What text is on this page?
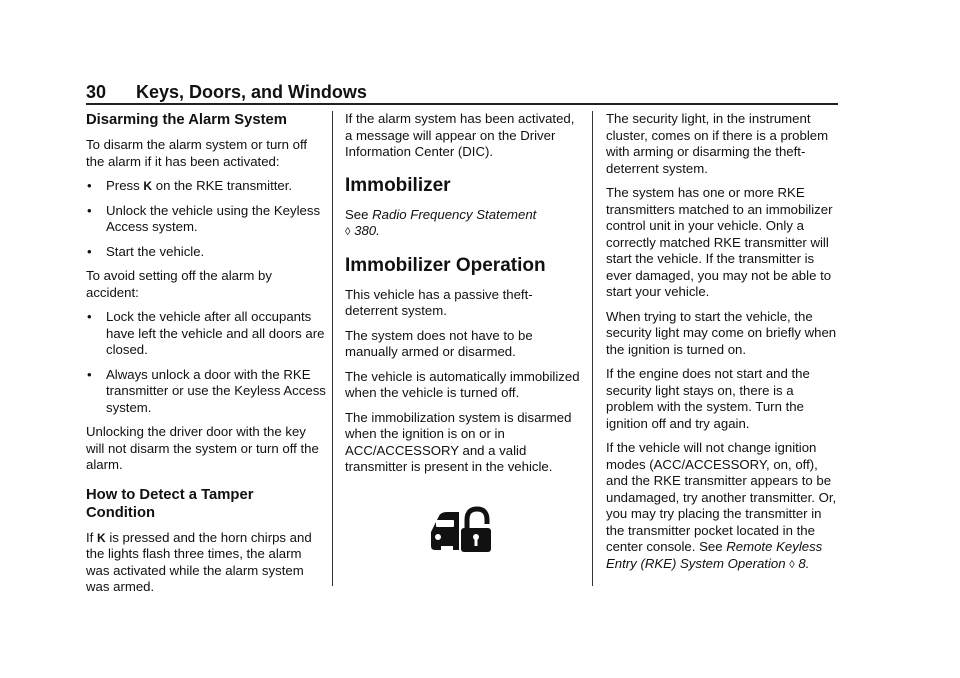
30 Keys, Doors, and Windows
Disarming the Alarm System

To disarm the alarm system or turn off the alarm if it has been activated:

• Press K on the RKE transmitter.
• Unlock the vehicle using the Keyless Access system.
• Start the vehicle.

To avoid setting off the alarm by accident:

• Lock the vehicle after all occupants have left the vehicle and all doors are closed.
• Always unlock a door with the RKE transmitter or use the Keyless Access system.

Unlocking the driver door with the key will not disarm the system or turn off the alarm.

How to Detect a Tamper Condition

If K is pressed and the horn chirps and the lights flash three times, the alarm was activated while the alarm system was armed.

If the alarm system has been activated, a message will appear on the Driver Information Center (DIC).

Immobilizer

See Radio Frequency Statement
◊ 380.

Immobilizer Operation

This vehicle has a passive theft-deterrent system.

The system does not have to be manually armed or disarmed.

The vehicle is automatically immobilized when the vehicle is turned off.

The immobilization system is disarmed when the ignition is on or in ACC/ACCESSORY and a valid transmitter is present in the vehicle.

The security light, in the instrument cluster, comes on if there is a problem with arming or disarming the theft-deterrent system.

The system has one or more RKE transmitters matched to an immobilizer control unit in your vehicle. Only a correctly matched RKE transmitter will start the vehicle. If the transmitter is ever damaged, you may not be able to start your vehicle.

When trying to start the vehicle, the security light may come on briefly when the ignition is turned on.

If the engine does not start and the security light stays on, there is a problem with the system. Turn the ignition off and try again.

If the vehicle will not change ignition modes (ACC/ACCESSORY, on, off), and the RKE transmitter appears to be undamaged, try another transmitter. Or, you may try placing the transmitter in the transmitter pocket located in the center console. See Remote Keyless Entry (RKE) System Operation ◊ 8.
